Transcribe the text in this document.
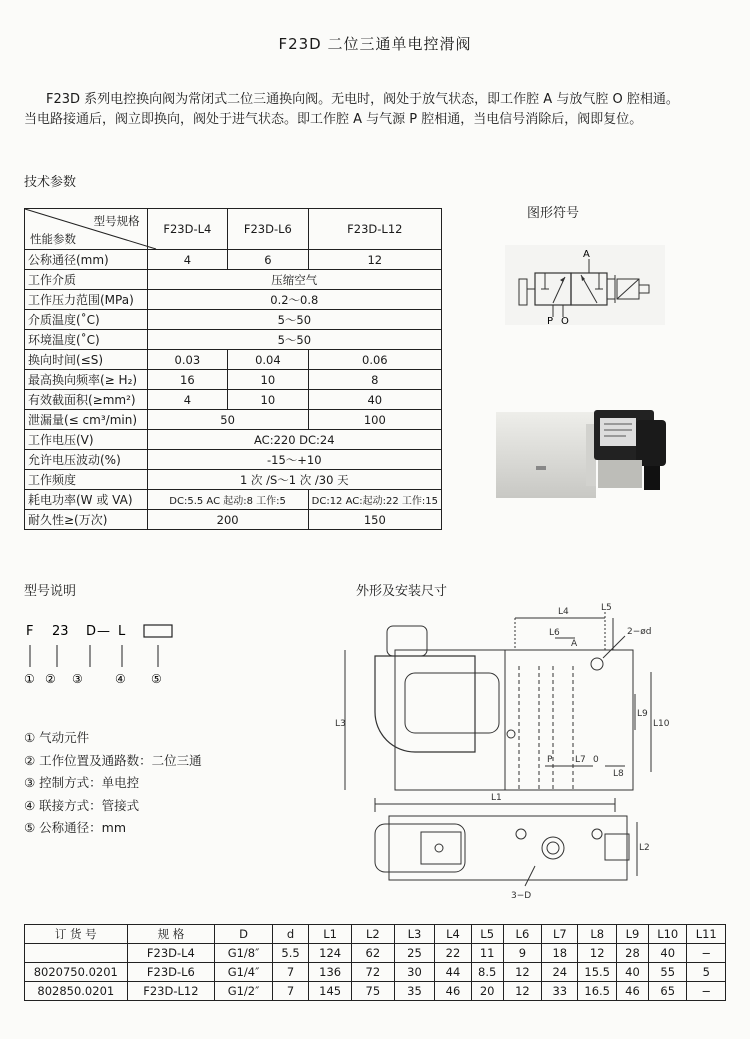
F23D 二位三通单电控滑阀

F23D 系列电控换向阀为常闭式二位三通换向阀。无电时，阀处于放气状态，即工作腔 A 与放气腔 O 腔相通。

当电路接通后，阀立即换向，阀处于进气状态。即工作腔 A 与气源 P 腔相通，当电信号消除后，阀即复位。

技术参数
图形符号
型号说明	外形及安装尺寸
型号规格
性能参数	F23D-L4	F23D-L6	F23D-L12
公称通径(mm)	4	6	12
工作介质	压缩空气		
工作压力范围(MPa)	0.2～0.8		
介质温度(˚C)	5～50		
环境温度(˚C)	5～50		
换向时间(≤S)	0.03	0.04	0.06
最高换向频率(≥ H₂)	16	10	8
有效截面积(≥mm²)	4	10	40
泄漏量(≤ cm³/min)	50		100
工作电压(V)	AC:220 DC:24		
允许电压波动(%)	-15～+10		
工作频度	1 次 /S～1 次 /30 天		
耗电功率(W 或 VA)	DC:5.5 AC 起动:8 工作:5		DC:12 AC:起动:22 工作:15
耐久性≥(万次)	200		150
A
P O
F 23 D — L
① ② ③	④ ⑤
① 气动元件
② 工作位置及通路数：二位三通
③ 控制方式：单电控
④ 联接方式：管接式
⑤ 公称通径：mm
L4	L5
L6
A
2−ød
L3
L9
L10
L7
P	0
L8
L1
L2
3−D
订 货 号	规 格	D	d	L1	L2	L3	L4	L5	L6	L7	L8	L9	L10	L11
	F23D-L4	G1/8″	5.5	124	62	25	22	11	9	18	12	28	40	−
8020750.0201	F23D-L6	G1/4″	7	136	72	30	44	8.5	12	24	15.5	40	55	5
802850.0201	F23D-L12	G1/2″	7	145	75	35	46	20	12	33	16.5	46	65	−
